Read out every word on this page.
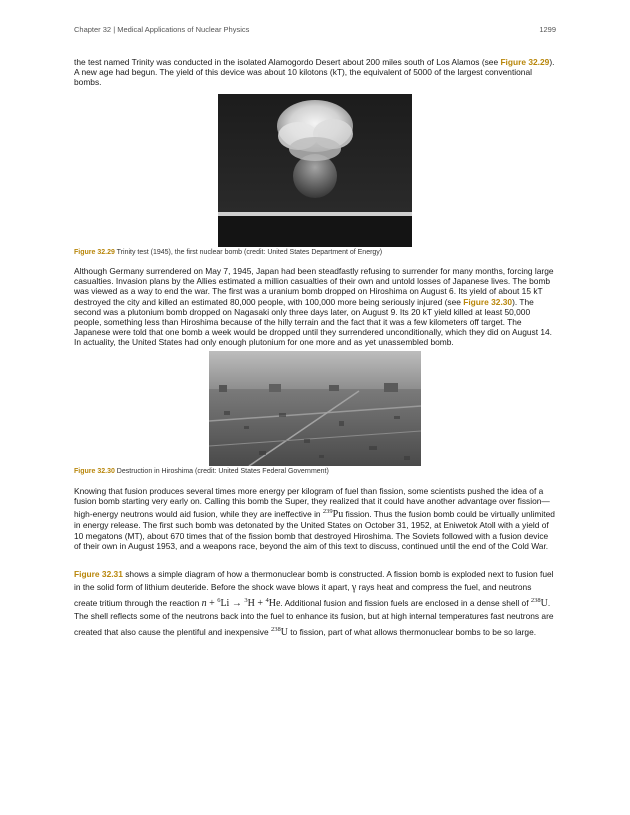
Chapter 32 | Medical Applications of Nuclear Physics	1299

the test named Trinity was conducted in the isolated Alamogordo Desert about 200 miles south of Los Alamos (see Figure 32.29). A new age had begun. The yield of this device was about 10 kilotons (kT), the equivalent of 5000 of the largest conventional bombs.

Figure 32.29 Trinity test (1945), the first nuclear bomb (credit: United States Department of Energy)

Although Germany surrendered on May 7, 1945, Japan had been steadfastly refusing to surrender for many months, forcing large casualties. Invasion plans by the Allies estimated a million casualties of their own and untold losses of Japanese lives. The bomb was viewed as a way to end the war. The first was a uranium bomb dropped on Hiroshima on August 6. Its yield of about 15 kT destroyed the city and killed an estimated 80,000 people, with 100,000 more being seriously injured (see Figure 32.30). The second was a plutonium bomb dropped on Nagasaki only three days later, on August 9. Its 20 kT yield killed at least 50,000 people, something less than Hiroshima because of the hilly terrain and the fact that it was a few kilometers off target. The Japanese were told that one bomb a week would be dropped until they surrendered unconditionally, which they did on August 14. In actuality, the United States had only enough plutonium for one more and as yet unassembled bomb.

Figure 32.30 Destruction in Hiroshima (credit: United States Federal Government)

Knowing that fusion produces several times more energy per kilogram of fuel than fission, some scientists pushed the idea of a fusion bomb starting very early on. Calling this bomb the Super, they realized that it could have another advantage over fission—high-energy neutrons would aid fusion, while they are ineffective in $^{239}$Pu fission. Thus the fusion bomb could be virtually unlimited in energy release. The first such bomb was detonated by the United States on October 31, 1952, at Eniwetok Atoll with a yield of 10 megatons (MT), about 670 times that of the fission bomb that destroyed Hiroshima. The Soviets followed with a fusion device of their own in August 1953, and a weapons race, beyond the aim of this text to discuss, continued until the end of the Cold War.

Figure 32.31 shows a simple diagram of how a thermonuclear bomb is constructed. A fission bomb is exploded next to fusion fuel in the solid form of lithium deuteride. Before the shock wave blows it apart, γ rays heat and compress the fuel, and neutrons create tritium through the reaction n + $^6$Li → $^3$H + $^4$He. Additional fusion and fission fuels are enclosed in a dense shell of $^{238}$U. The shell reflects some of the neutrons back into the fuel to enhance its fusion, but at high internal temperatures fast neutrons are created that also cause the plentiful and inexpensive $^{238}$U to fission, part of what allows thermonuclear bombs to be so large.
